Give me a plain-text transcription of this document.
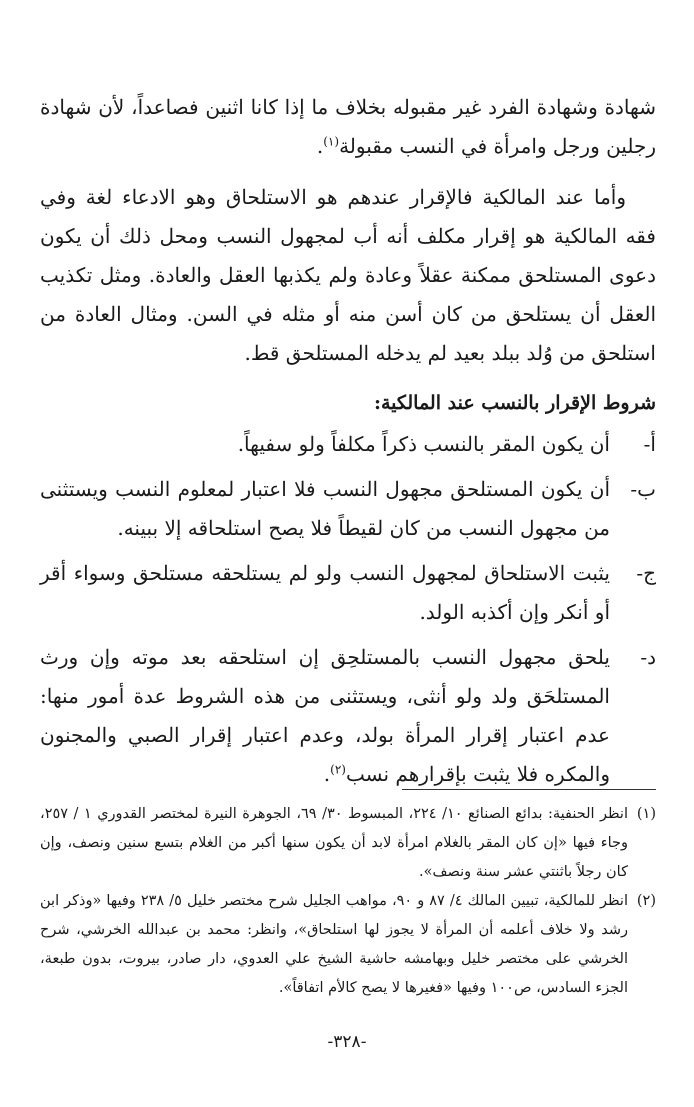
شهادة وشهادة الفرد غير مقبوله بخلاف ما إذا كانا اثنين فصاعداً، لأن شهادة رجلين ورجل وامرأة في النسب مقبولة$^{(١)}$.

وأما عند المالكية فالإقرار عندهم هو الاستلحاق وهو الادعاء لغة وفي فقه المالكية هو إقرار مكلف أنه أب لمجهول النسب ومحل ذلك أن يكون دعوى المستلحق ممكنة عقلاً وعادة ولم يكذبها العقل والعادة. ومثل تكذيب العقل أن يستلحق من كان أسن منه أو مثله في السن. ومثال العادة من استلحق من وُلد ببلد بعيد لم يدخله المستلحق قط.

شروط الإقرار بالنسب عند المالكية:
أ-
أن يكون المقر بالنسب ذكراً مكلفاً ولو سفيهاً.
ب-
أن يكون المستلحق مجهول النسب فلا اعتبار لمعلوم النسب ويستثنى من مجهول النسب من كان لقيطاً فلا يصح استلحاقه إلا ببينه.
ج-
يثبت الاستلحاق لمجهول النسب ولو لم يستلحقه مستلحق وسواء أقر أو أنكر وإن أكذبه الولد.
د-
يلحق مجهول النسب بالمستلحِق إن استلحقه بعد موته وإن ورث المستلحَق ولد ولو أنثى، ويستثنى من هذه الشروط عدة أمور منها: عدم اعتبار إقرار المرأة بولد، وعدم اعتبار إقرار الصبي والمجنون والمكره فلا يثبت بإقرارهم نسب$^{(٢)}$.
(١)
انظر الحنفية: بدائع الصنائع ١٠/ ٢٢٤، المبسوط ٣٠/ ٦٩، الجوهرة النيرة لمختصر القدوري ١ / ٢٥٧، وجاء فيها «إن كان المقر بالغلام امرأة لابد أن يكون سنها أكبر من الغلام بتسع سنين ونصف، وإن كان رجلاً باثنتي عشر سنة ونصف».
(٢)
انظر للمالكية، تبيين المالك ٤/ ٨٧ و ٩٠، مواهب الجليل شرح مختصر خليل ٥/ ٢٣٨ وفيها «وذكر ابن رشد ولا خلاف أعلمه أن المرأة لا يجوز لها استلحاق»، وانظر: محمد بن عبدالله الخرشي، شرح الخرشي على مختصر خليل وبهامشه حاشية الشيخ علي العدوي، دار صادر، بيروت، بدون طبعة، الجزء السادس، ص١٠٠ وفيها «فغيرها لا يصح كالأم اتفاقاً».
-٣٢٨-
